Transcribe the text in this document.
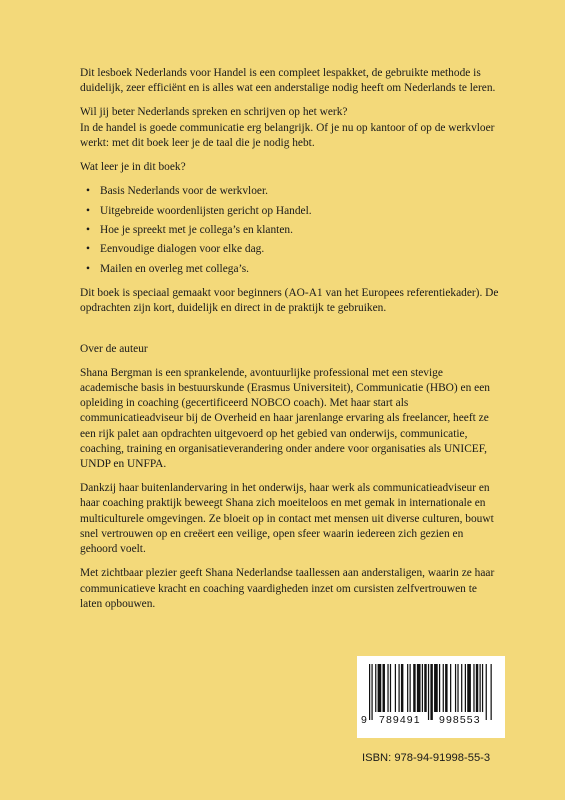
Dit lesboek Nederlands voor Handel is een compleet lespakket, de gebruikte methode is duidelijk, zeer efficiënt en is alles wat een anderstalige nodig heeft om Nederlands te leren.

Wil jij beter Nederlands spreken en schrijven op het werk?
In de handel is goede communicatie erg belangrijk. Of je nu op kantoor of op de werkvloer werkt: met dit boek leer je de taal die je nodig hebt.

Wat leer je in dit boek?

• Basis Nederlands voor de werkvloer.
• Uitgebreide woordenlijsten gericht op Handel.
• Hoe je spreekt met je collega’s en klanten.
• Eenvoudige dialogen voor elke dag.
• Mailen en overleg met collega’s.

Dit boek is speciaal gemaakt voor beginners (AO-A1 van het Europees referentiekader). De opdrachten zijn kort, duidelijk en direct in de praktijk te gebruiken.

Over de auteur

Shana Bergman is een sprankelende, avontuurlijke professional met een stevige academische basis in bestuurskunde (Erasmus Universiteit), Communicatie (HBO) en een opleiding in coaching (gecertificeerd NOBCO coach). Met haar start als communicatieadviseur bij de Overheid en haar jarenlange ervaring als freelancer, heeft ze een rijk palet aan opdrachten uitgevoerd op het gebied van onderwijs, communicatie, coaching, training en organisatieverandering onder andere voor organisaties als UNICEF, UNDP en UNFPA.

Dankzij haar buitenlandervaring in het onderwijs, haar werk als communicatieadviseur en haar coaching praktijk beweegt Shana zich moeiteloos en met gemak in internationale en multiculturele omgevingen. Ze bloeit op in contact met mensen uit diverse culturen, bouwt snel vertrouwen op en creëert een veilige, open sfeer waarin iedereen zich gezien en gehoord voelt.

Met zichtbaar plezier geeft Shana Nederlandse taallessen aan anderstaligen, waarin ze haar communicatieve kracht en coaching vaardigheden inzet om cursisten zelfvertrouwen te laten opbouwen.

9 789491 998553
ISBN: 978-94-91998-55-3
